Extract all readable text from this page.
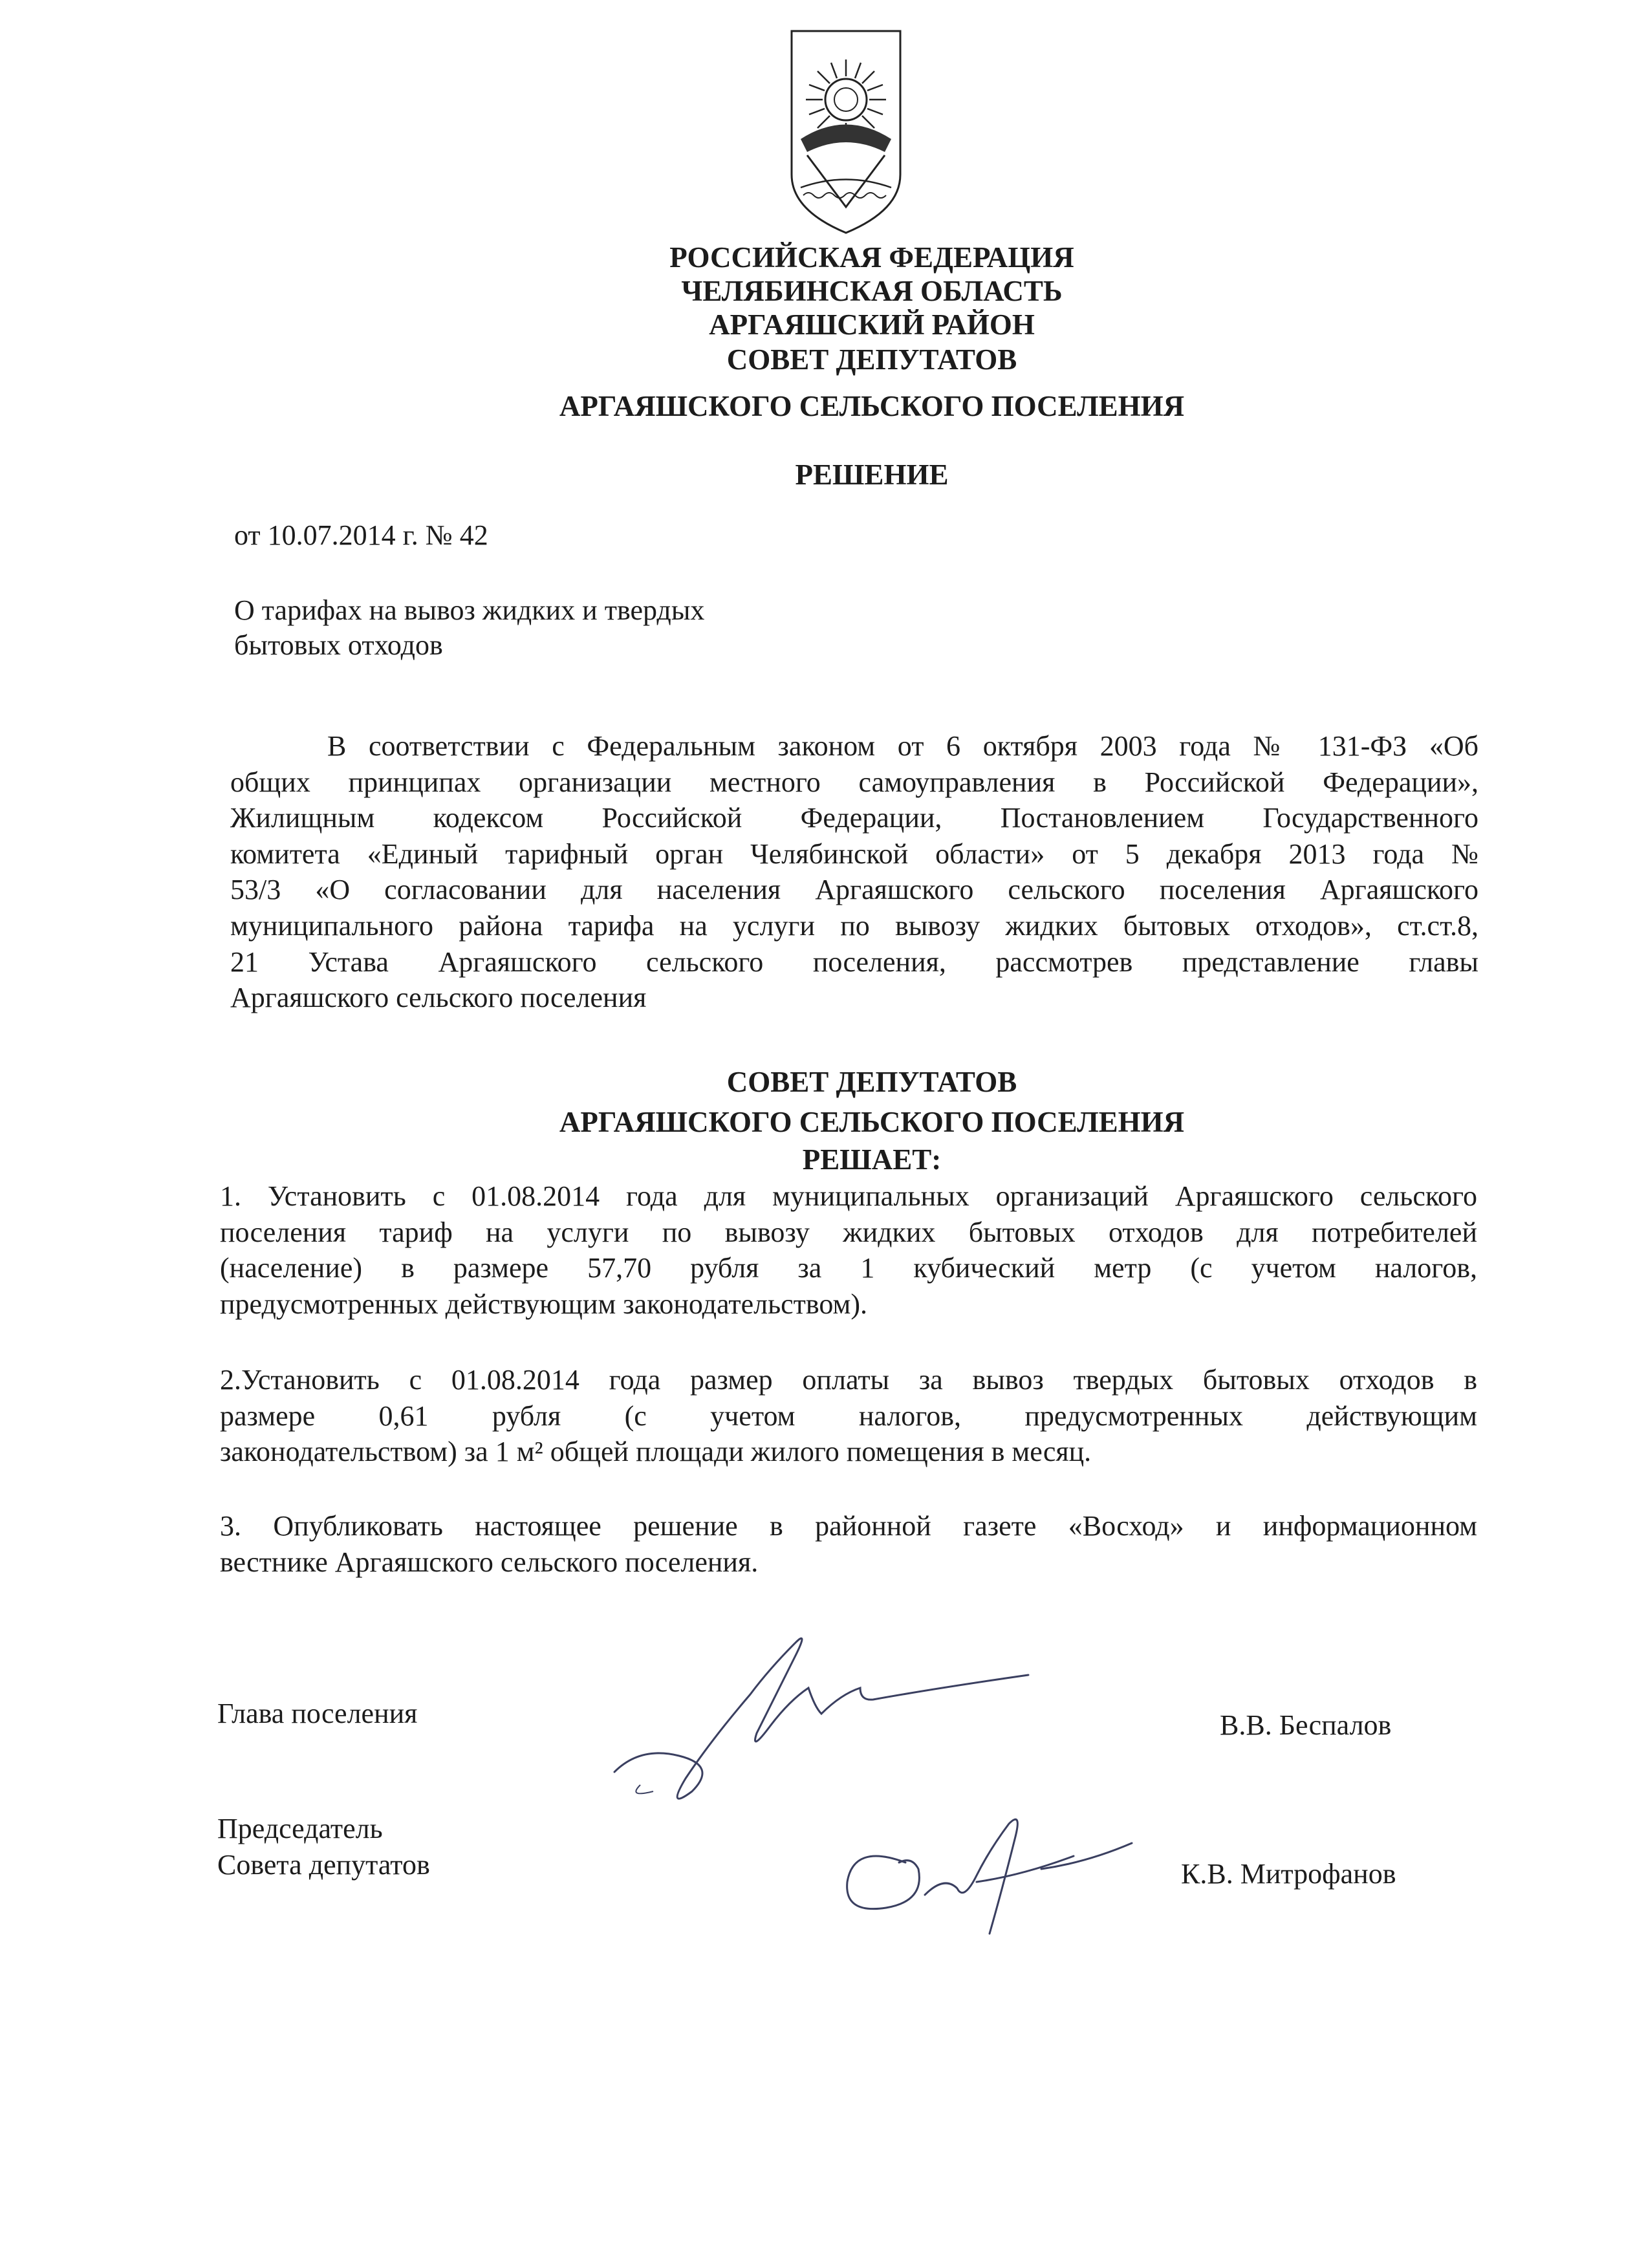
РОССИЙСКАЯ ФЕДЕРАЦИЯ
ЧЕЛЯБИНСКАЯ ОБЛАСТЬ
АРГАЯШСКИЙ РАЙОН
СОВЕТ ДЕПУТАТОВ
АРГАЯШСКОГО СЕЛЬСКОГО ПОСЕЛЕНИЯ
РЕШЕНИЕ
от 10.07.2014 г. № 42
О тарифах на вывоз жидких и твердых
бытовых отходов
В соответствии с Федеральным законом от 6 октября 2003 года № 131-ФЗ «Об
общих принципах организации местного самоуправления в Российской Федерации»,
Жилищным кодексом Российской Федерации, Постановлением Государственного
комитета «Единый тарифный орган Челябинской области» от 5 декабря 2013 года №
53/3 «О согласовании для населения Аргаяшского сельского поселения Аргаяшского
муниципального района тарифа на услуги по вывозу жидких бытовых отходов», ст.ст.8,
21 Устава Аргаяшского сельского поселения, рассмотрев представление главы
Аргаяшского сельского поселения
СОВЕТ ДЕПУТАТОВ
АРГАЯШСКОГО СЕЛЬСКОГО ПОСЕЛЕНИЯ
РЕШАЕТ:
1. Установить с 01.08.2014 года для муниципальных организаций Аргаяшского сельского
поселения тариф на услуги по вывозу жидких бытовых отходов для потребителей
(население) в размере 57,70 рубля за 1 кубический метр (с учетом налогов,
предусмотренных действующим законодательством).
2.Установить с 01.08.2014 года размер оплаты за вывоз твердых бытовых отходов в
размере 0,61 рубля (с учетом налогов, предусмотренных действующим
законодательством) за 1 м² общей площади жилого помещения в месяц.
3. Опубликовать настоящее решение в районной газете «Восход» и информационном
вестнике Аргаяшского сельского поселения.
Глава поселения	В.В. Беспалов
Председатель
Совета депутатов	К.В. Митрофанов
